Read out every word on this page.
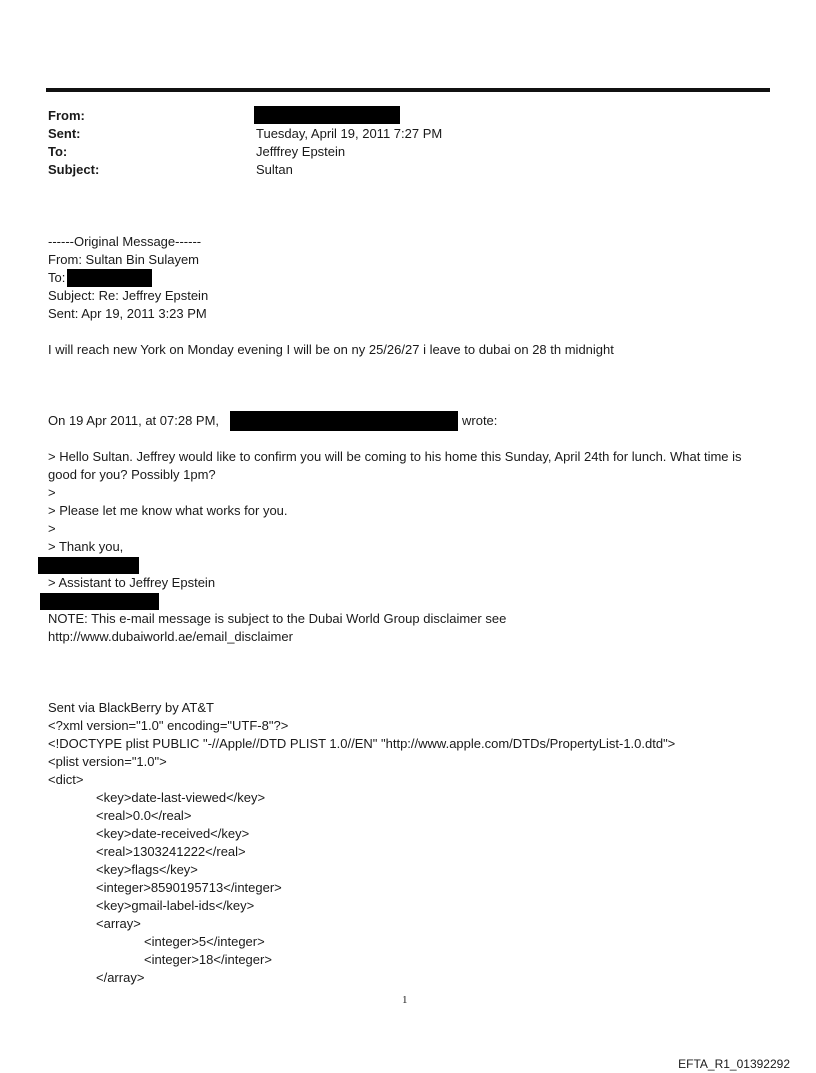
From:
Sent:	Tuesday, April 19, 2011 7:27 PM
To:	Jefffrey Epstein
Subject:	Sultan
------Original Message------
From: Sultan Bin Sulayem
To:
Subject: Re: Jeffrey Epstein
Sent: Apr 19, 2011 3:23 PM
I will reach new York on Monday evening I will be on ny 25/26/27 i leave to dubai on 28 th midnight
On 19 Apr 2011, at 07:28 PM,	wrote:
> Hello Sultan. Jeffrey would like to confirm you will be coming to his home this Sunday, April 24th for lunch. What time is good for you? Possibly 1pm?
>
> Please let me know what works for you.
>
> Thank you,
> Assistant to Jeffrey Epstein
NOTE: This e-mail message is subject to the Dubai World Group disclaimer see http://www.dubaiworld.ae/email_disclaimer
Sent via BlackBerry by AT&T
<?xml version="1.0" encoding="UTF-8"?>
<!DOCTYPE plist PUBLIC "-//Apple//DTD PLIST 1.0//EN" "http://www.apple.com/DTDs/PropertyList-1.0.dtd">
<plist version="1.0">
<dict>
<key>date-last-viewed</key>
<real>0.0</real>
<key>date-received</key>
<real>1303241222</real>
<key>flags</key>
<integer>8590195713</integer>
<key>gmail-label-ids</key>
<array>
<integer>5</integer>
<integer>18</integer>
</array>
1
EFTA_R1_01392292
